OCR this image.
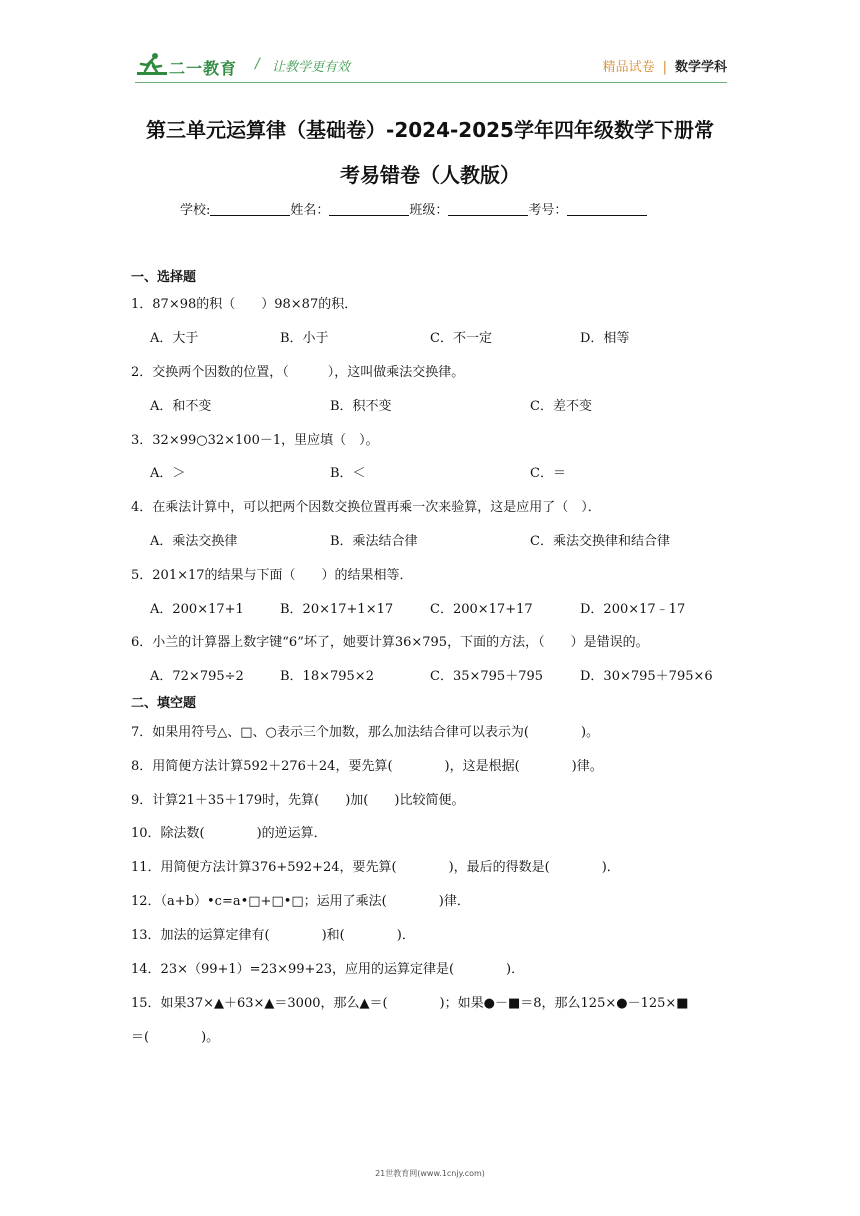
二一教育 / 让教学更有效	精品试卷 | 数学学科
第三单元运算律（基础卷）-2024-2025学年四年级数学下册常
考易错卷（人教版）
学校:	姓名：	班级：	考号：
一、选择题
1．87×98的积（　　）98×87的积．
A．大于	B．小于	C．不一定	D．相等
2．交换两个因数的位置，（　　　），这叫做乘法交换律。
A．和不变	B．积不变	C．差不变
3．32×99○32×100－1，里应填（　）。
A．＞	B．＜	C．＝
4．在乘法计算中，可以把两个因数交换位置再乘一次来验算，这是应用了（　）．
A．乘法交换律	B．乘法结合律	C．乘法交换律和结合律
5．201×17的结果与下面（　　）的结果相等．
A．200×17+1	B．20×17+1×17	C．200×17+17	D．200×17﹣17
6．小兰的计算器上数字键“6”坏了，她要计算36×795，下面的方法，（　　）是错误的。
A．72×795÷2	B．18×795×2	C．35×795＋795	D．30×795＋795×6
二、填空题
7．如果用符号△、□、○表示三个加数，那么加法结合律可以表示为(　　　　)。
8．用简便方法计算592＋276＋24，要先算(　　　　)，这是根据(　　　　)律。
9．计算21＋35＋179时，先算(　　)加(　　)比较简便。
10．除法数(　　　　)的逆运算．
11．用简便方法计算376+592+24，要先算(　　　　)，最后的得数是(　　　　)．
12．（a+b）•c=a•□+□•□；运用了乘法(　　　　)律．
13．加法的运算定律有(　　　　)和(　　　　)．
14．23×（99+1）=23×99+23，应用的运算定律是(　　　　)．
15．如果37×▲＋63×▲＝3000，那么▲＝(　　　　)；如果●－■＝8，那么125×●－125×■
＝(　　　　)。
21世教育网(www.1cnjy.com)
